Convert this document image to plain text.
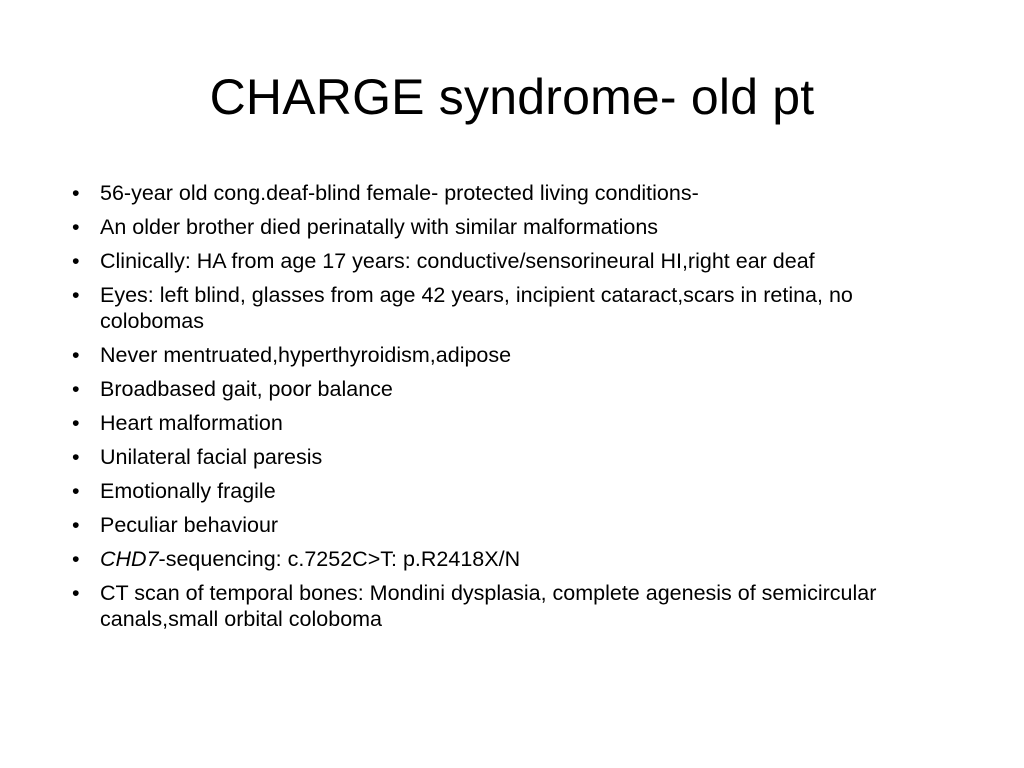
CHARGE syndrome- old pt
• 56-year old cong.deaf-blind female- protected living conditions-
• An older brother died perinatally with similar malformations
• Clinically: HA from age 17 years: conductive/sensorineural HI,right ear deaf
• Eyes: left blind, glasses from age 42 years, incipient cataract,scars in retina, no colobomas
• Never mentruated,hyperthyroidism,adipose
• Broadbased gait, poor balance
• Heart malformation
• Unilateral facial paresis
• Emotionally fragile
• Peculiar behaviour
• CHD7-sequencing: c.7252C>T: p.R2418X/N
• CT scan of temporal bones: Mondini dysplasia, complete agenesis of semicircular canals,small orbital coloboma
